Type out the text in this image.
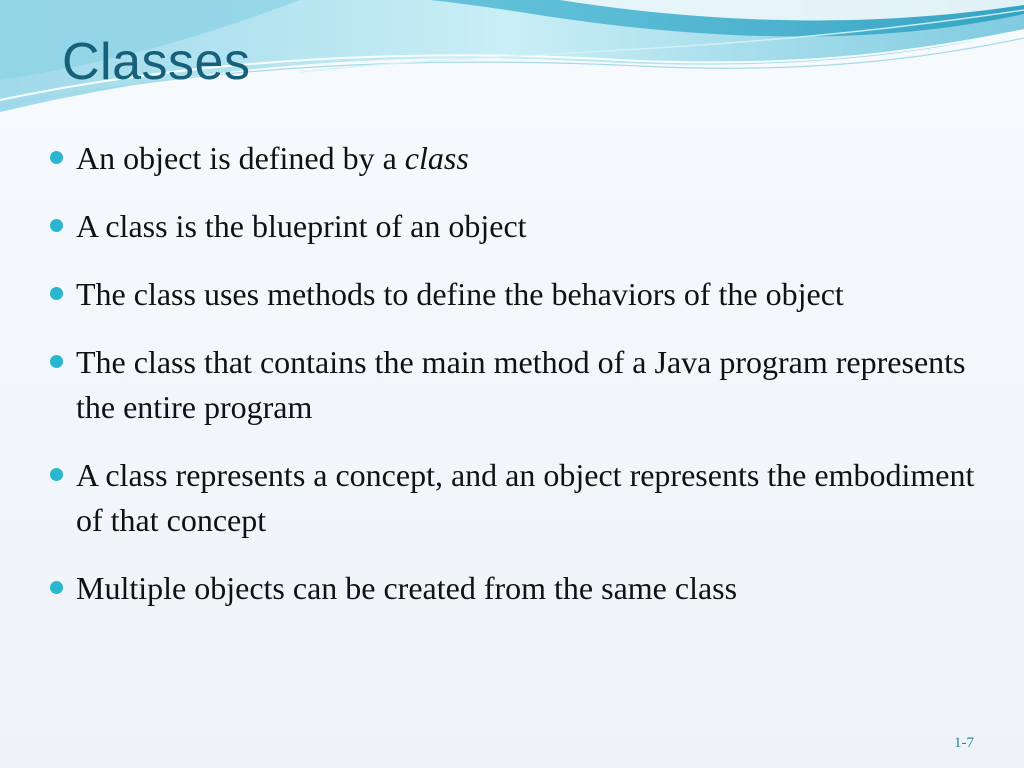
Classes
An object is defined by a class
A class is the blueprint of an object
The class uses methods to define the behaviors of the object
The class that contains the main method of a Java program represents the entire program
A class represents a concept, and an object represents the embodiment of that concept
Multiple objects can be created from the same class
1-7
